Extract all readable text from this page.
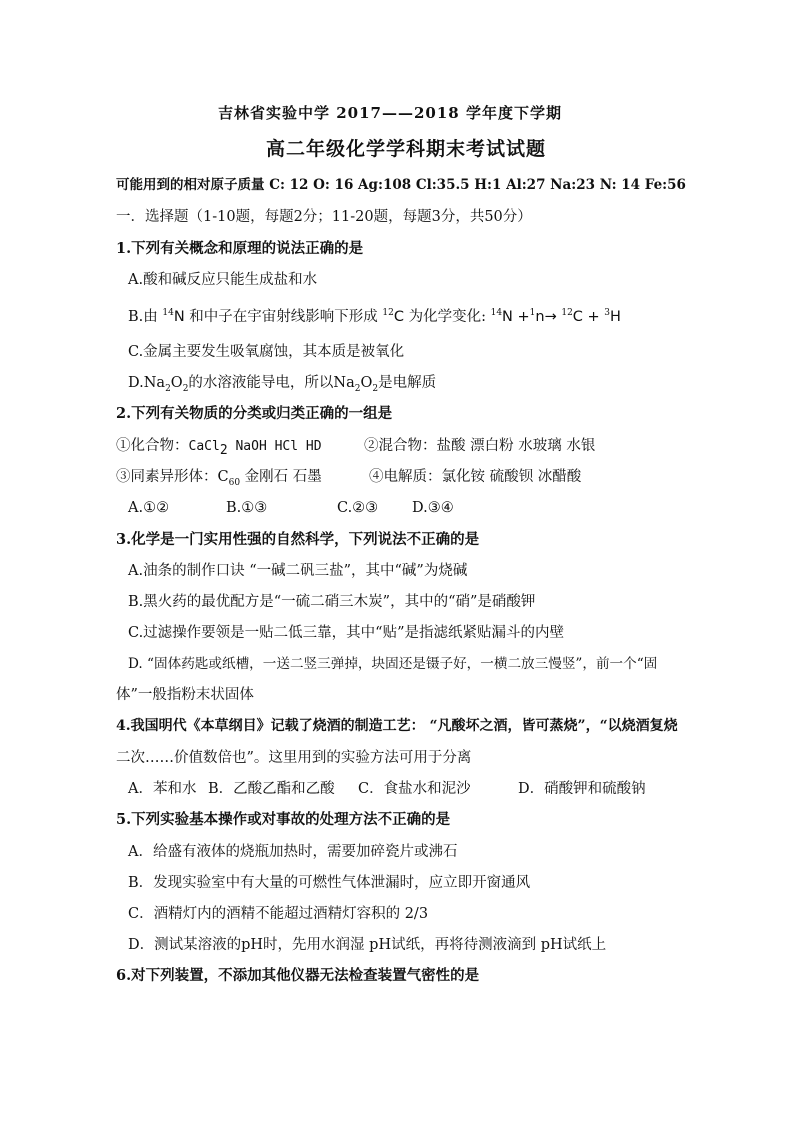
吉林省实验中学 2017——2018 学年度下学期
高二年级化学学科期末考试试题
可能用到的相对原子质量 C: 12 O: 16 Ag:108 Cl:35.5 H:1 Al:27 Na:23 N: 14 Fe:56
一．选择题（1-10题，每题2分；11-20题，每题3分，共50分）
1.下列有关概念和原理的说法正确的是
A.酸和碱反应只能生成盐和水
B.由 $^{14}$N 和中子在宇宙射线影响下形成 $^{12}$C 为化学变化: $^{14}$N +$^1$n→ $^{12}$C + $^3$H
C.金属主要发生吸氧腐蚀，其本质是被氧化
$D.Na_2O_2$的水溶液能导电，所以$Na_2O_2$是电解质
2.下列有关物质的分类或归类正确的一组是
①化合物：CaCl$_2$ NaOH HCl HD	②混合物：盐酸 漂白粉 水玻璃 水银
③同素异形体：$C_{60}$ 金刚石 石墨	④电解质：氯化铵 硫酸钡 冰醋酸
A.①②	B.①③	C.②③ D.③④
3.化学是一门实用性强的自然科学，下列说法不正确的是
A.油条的制作口诀 “一碱二矾三盐”，其中“碱”为烧碱
B.黑火药的最优配方是“一硫二硝三木炭”，其中的“硝”是硝酸钾
C.过滤操作要领是一贴二低三靠，其中“贴”是指滤纸紧贴漏斗的内壁
D. “固体药匙或纸槽，一送二竖三弹掉，块固还是镊子好，一横二放三慢竖”，前一个“固
体”一般指粉末状固体
4.我国明代《本草纲目》记载了烧酒的制造工艺： “凡酸坏之酒，皆可蒸烧”，“以烧酒复烧
二次……价值数倍也”。这里用到的实验方法可用于分离
A．苯和水 B．乙酸乙酯和乙酸 C．食盐水和泥沙	D．硝酸钾和硫酸钠
5.下列实验基本操作或对事故的处理方法不正确的是
A．给盛有液体的烧瓶加热时，需要加碎瓷片或沸石
B．发现实验室中有大量的可燃性气体泄漏时，应立即开窗通风
C．酒精灯内的酒精不能超过酒精灯容积的 2/3
D．测试某溶液的pH时，先用水润湿 pH试纸，再将待测液滴到 pH试纸上
6.对下列装置，不添加其他仪器无法检查装置气密性的是
